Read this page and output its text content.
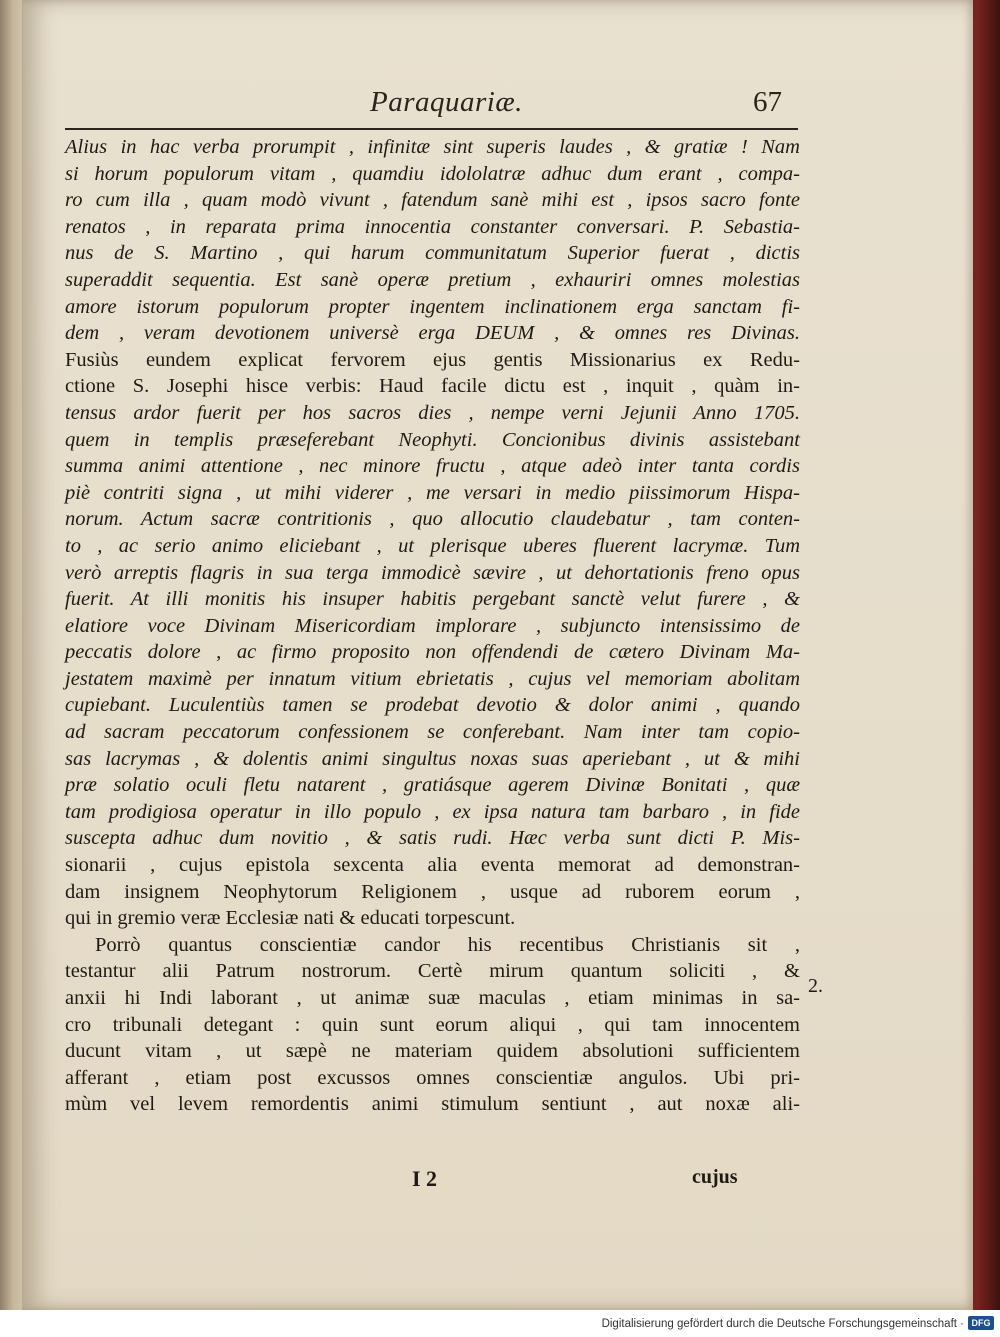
Paraquariæ.	67
Alius in hac verba prorumpit , infinitæ sint superis laudes , & gratiæ ! Nam
si horum populorum vitam , quamdiu idololatræ adhuc dum erant , compa-
ro cum illa , quam modò vivunt , fatendum sanè mihi est , ipsos sacro fonte
renatos , in reparata prima innocentia constanter conversari. P. Sebastia-
nus de S. Martino , qui harum communitatum Superior fuerat , dictis
superaddit sequentia. Est sanè operæ pretium , exhauriri omnes molestias
amore istorum populorum propter ingentem inclinationem erga sanctam fi-
dem , veram devotionem universè erga DEUM , & omnes res Divinas.
Fusiùs eundem explicat fervorem ejus gentis Missionarius ex Redu-
ctione S. Josephi hisce verbis: Haud facile dictu est , inquit , quàm in-
tensus ardor fuerit per hos sacros dies , nempe verni Jejunii Anno 1705.
quem in templis præseferebant Neophyti. Concionibus divinis assistebant
summa animi attentione , nec minore fructu , atque adeò inter tanta cordis
piè contriti signa , ut mihi viderer , me versari in medio piissimorum Hispa-
norum. Actum sacræ contritionis , quo allocutio claudebatur , tam conten-
to , ac serio animo eliciebant , ut plerisque uberes fluerent lacrymæ. Tum
verò arreptis flagris in sua terga immodicè sævire , ut dehortationis freno opus
fuerit. At illi monitis his insuper habitis pergebant sanctè velut furere , &
elatiore voce Divinam Misericordiam implorare , subjuncto intensissimo de
peccatis dolore , ac firmo proposito non offendendi de cætero Divinam Ma-
jestatem maximè per innatum vitium ebrietatis , cujus vel memoriam abolitam
cupiebant. Luculentiùs tamen se prodebat devotio & dolor animi , quando
ad sacram peccatorum confessionem se conferebant. Nam inter tam copio-
sas lacrymas , & dolentis animi singultus noxas suas aperiebant , ut & mihi
præ solatio oculi fletu natarent , gratiásque agerem Divinæ Bonitati , quæ
tam prodigiosa operatur in illo populo , ex ipsa natura tam barbaro , in fide
suscepta adhuc dum novitio , & satis rudi. Hæc verba sunt dicti P. Mis-
sionarii , cujus epistola sexcenta alia eventa memorat ad demonstran-
dam insignem Neophytorum Religionem , usque ad ruborem eorum ,
qui in gremio veræ Ecclesiæ nati & educati torpescunt.
Porrò quantus conscientiæ candor his recentibus Christianis sit ,
testantur alii Patrum nostrorum. Certè mirum quantum soliciti , &
anxii hi Indi laborant , ut animæ suæ maculas , etiam minimas in sa-
cro tribunali detegant : quin sunt eorum aliqui , qui tam innocentem
ducunt vitam , ut sæpè ne materiam quidem absolutioni sufficientem
afferant , etiam post excussos omnes conscientiæ angulos. Ubi pri-
mùm vel levem remordentis animi stimulum sentiunt , aut noxæ ali-
2.
I 2	cujus
Digitalisierung gefördert durch die Deutsche Forschungsgemeinschaft · DFG
